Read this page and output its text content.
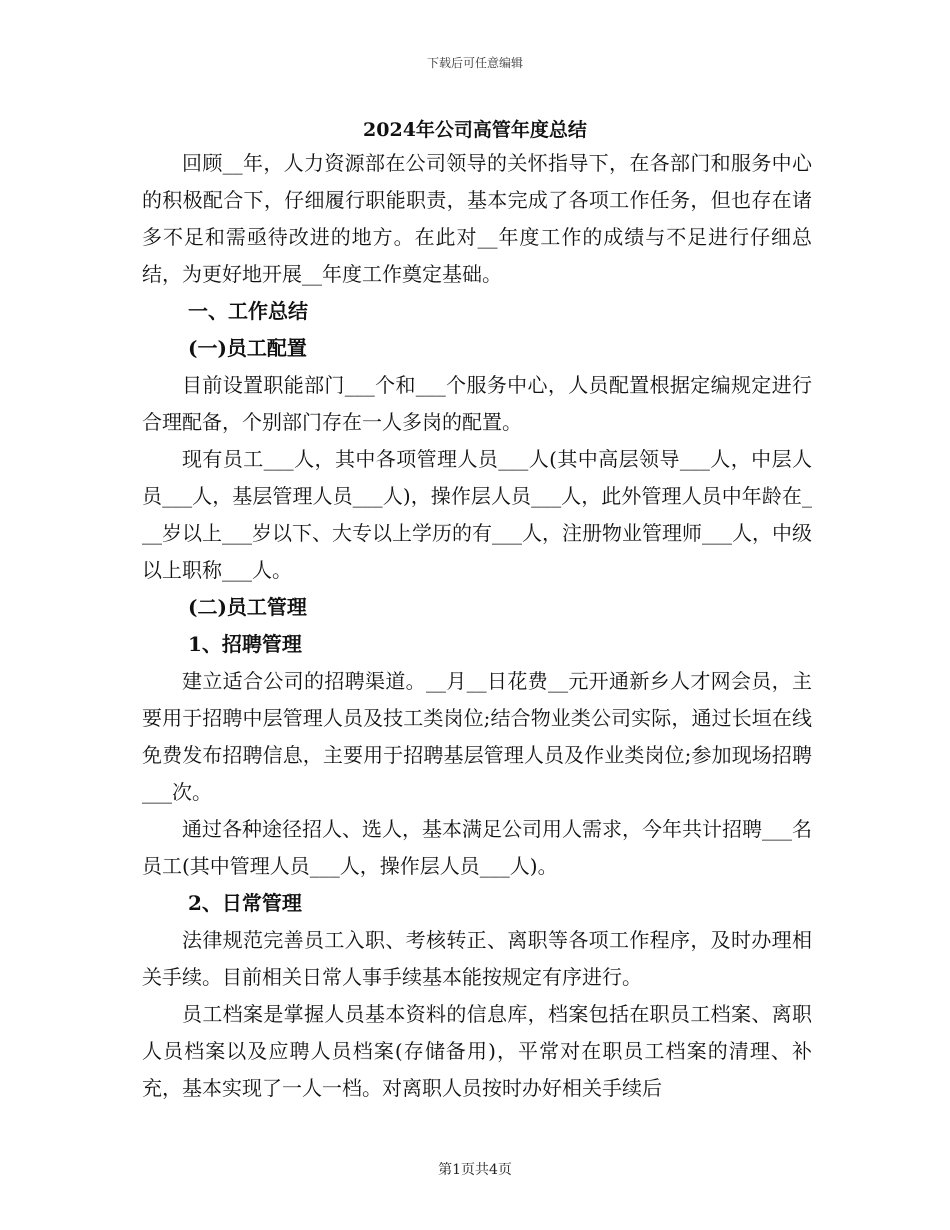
下载后可任意编辑
2024年公司高管年度总结

回顾__年，人力资源部在公司领导的关怀指导下，在各部门和服务中心的积极配合下，仔细履行职能职责，基本完成了各项工作任务，但也存在诸多不足和需亟待改进的地方。在此对__年度工作的成绩与不足进行仔细总结，为更好地开展__年度工作奠定基础。

一、工作总结

(一)员工配置

目前设置职能部门___个和___个服务中心，人员配置根据定编规定进行合理配备，个别部门存在一人多岗的配置。

现有员工___人，其中各项管理人员___人(其中高层领导___人，中层人员___人，基层管理人员___人)，操作层人员___人，此外管理人员中年龄在___岁以上___岁以下、大专以上学历的有___人，注册物业管理师___人，中级以上职称___人。

(二)员工管理

1、招聘管理

建立适合公司的招聘渠道。__月__日花费__元开通新乡人才网会员，主要用于招聘中层管理人员及技工类岗位;结合物业类公司实际，通过长垣在线免费发布招聘信息，主要用于招聘基层管理人员及作业类岗位;参加现场招聘___次。

通过各种途径招人、选人，基本满足公司用人需求，今年共计招聘___名员工(其中管理人员___人，操作层人员___人)。

2、日常管理

法律规范完善员工入职、考核转正、离职等各项工作程序，及时办理相关手续。目前相关日常人事手续基本能按规定有序进行。

员工档案是掌握人员基本资料的信息库，档案包括在职员工档案、离职人员档案以及应聘人员档案(存储备用)，平常对在职员工档案的清理、补充，基本实现了一人一档。对离职人员按时办好相关手续后

第1页共4页
